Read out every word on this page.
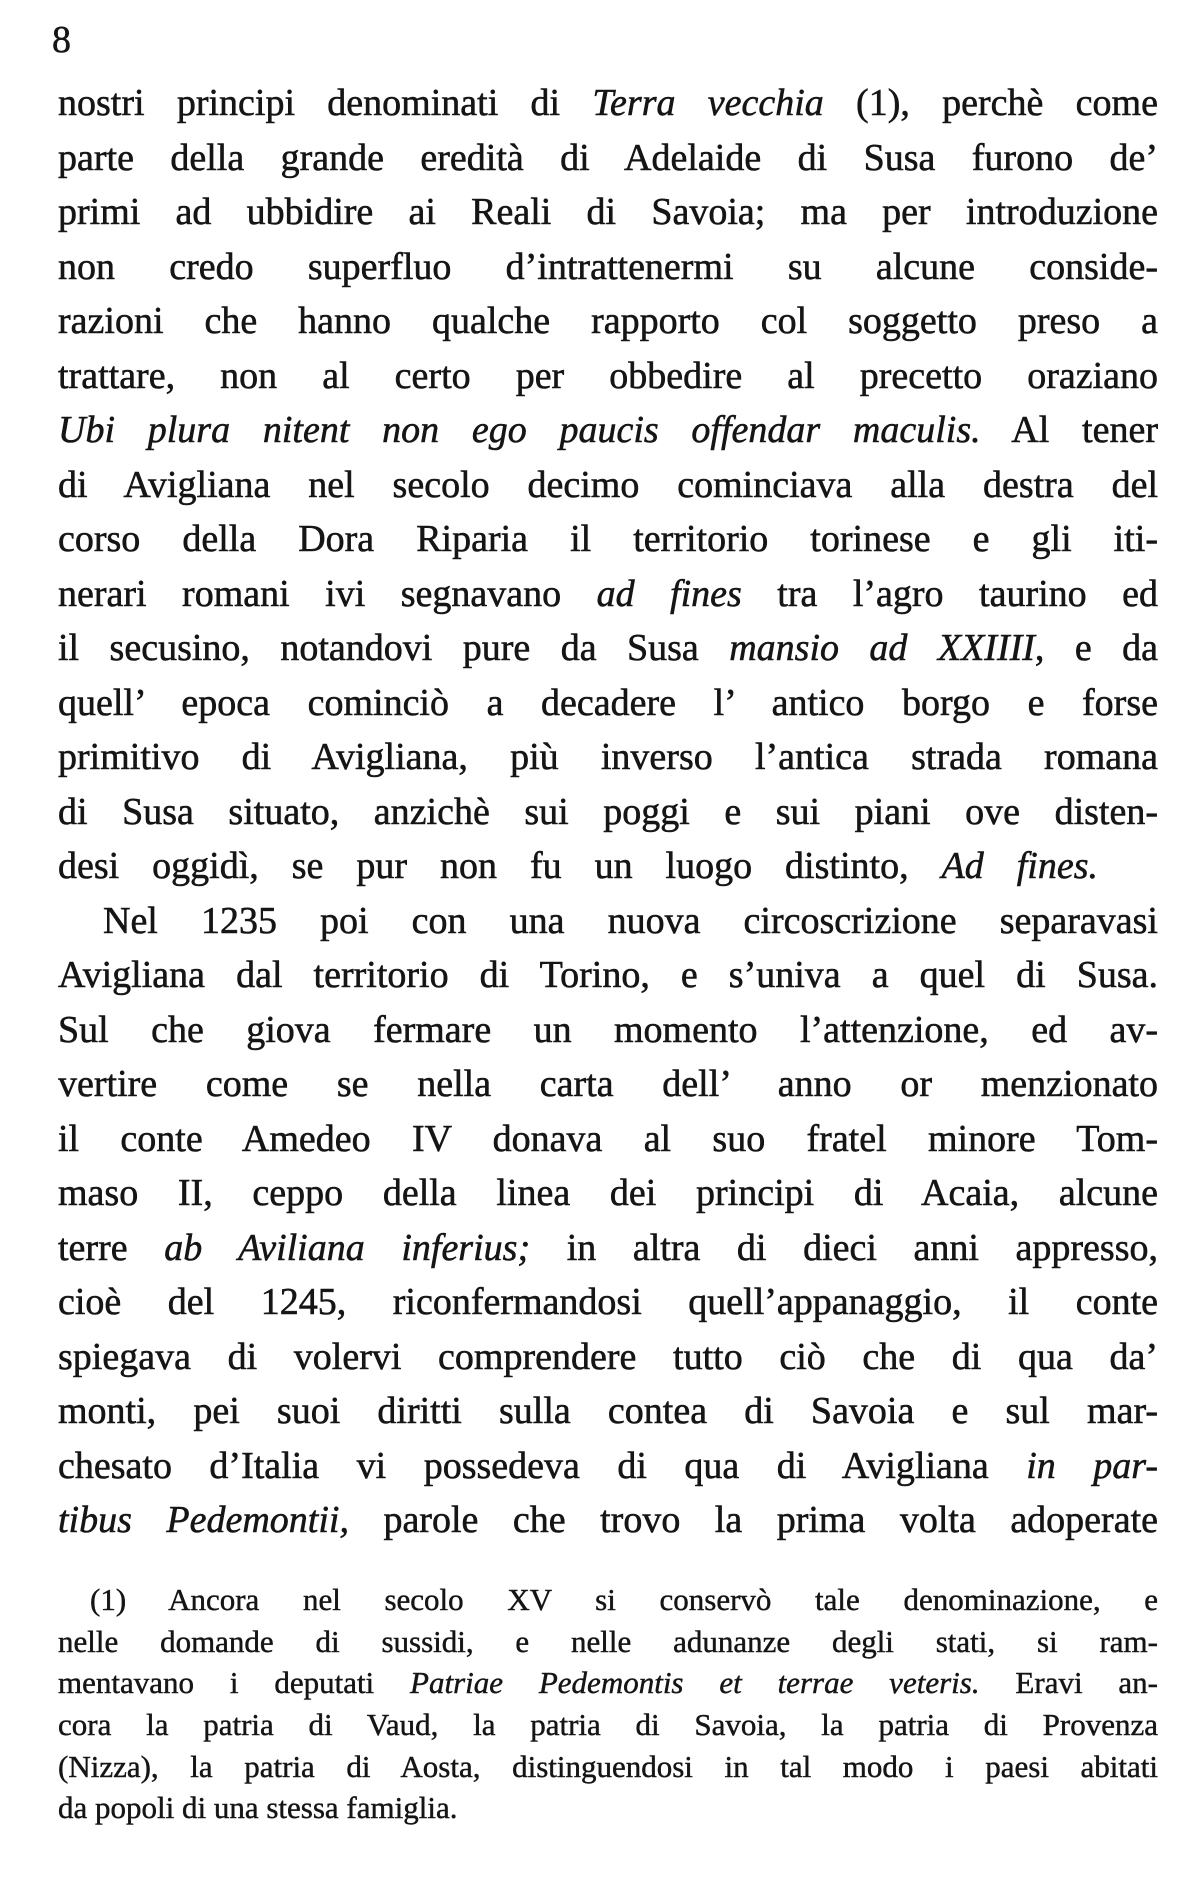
8
nostri principi denominati di Terra vecchia (1), perchè come
parte della grande eredità di Adelaide di Susa furono de’
primi ad ubbidire ai Reali di Savoia; ma per introduzione
non credo superfluo d’intrattenermi su alcune conside-
razioni che hanno qualche rapporto col soggetto preso a
trattare, non al certo per obbedire al precetto oraziano
Ubi plura nitent non ego paucis offendar maculis. Al tener
di Avigliana nel secolo decimo cominciava alla destra del
corso della Dora Riparia il territorio torinese e gli iti-
nerari romani ivi segnavano ad fines tra l’agro taurino ed
il secusino, notandovi pure da Susa mansio ad XXIIII, e da
quell’ epoca cominciò a decadere l’ antico borgo e forse
primitivo di Avigliana, più inverso l’antica strada romana
di Susa situato, anzichè sui poggi e sui piani ove disten-
desi oggidì, se pur non fu un luogo distinto, Ad fines.
Nel 1235 poi con una nuova circoscrizione separavasi
Avigliana dal territorio di Torino, e s’univa a quel di Susa.
Sul che giova fermare un momento l’attenzione, ed av-
vertire come se nella carta dell’ anno or menzionato
il conte Amedeo IV donava al suo fratel minore Tom-
maso II, ceppo della linea dei principi di Acaia, alcune
terre ab Aviliana inferius; in altra di dieci anni appresso,
cioè del 1245, riconfermandosi quell’appanaggio, il conte
spiegava di volervi comprendere tutto ciò che di qua da’
monti, pei suoi diritti sulla contea di Savoia e sul mar-
chesato d’Italia vi possedeva di qua di Avigliana in par-
tibus Pedemontii, parole che trovo la prima volta adoperate
(1) Ancora nel secolo XV si conservò tale denominazione, e
nelle domande di sussidi, e nelle adunanze degli stati, si ram-
mentavano i deputati Patriae Pedemontis et terrae veteris. Eravi an-
cora la patria di Vaud, la patria di Savoia, la patria di Provenza
(Nizza), la patria di Aosta, distinguendosi in tal modo i paesi abitati
da popoli di una stessa famiglia.
